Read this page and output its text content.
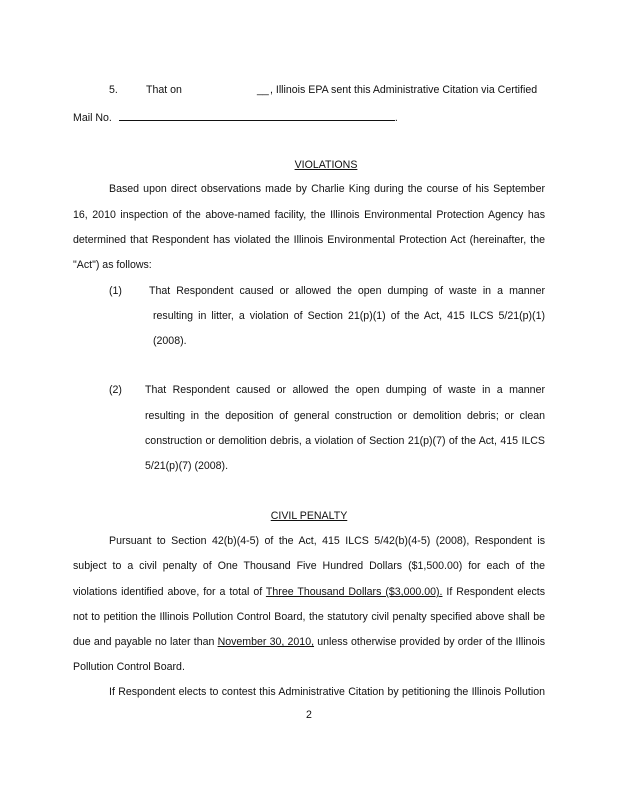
5.	That on	__ , Illinois EPA sent this Administrative Citation via Certified
Mail No.	.
VIOLATIONS
Based upon direct observations made by Charlie King during the course of his September
16, 2010 inspection of the above-named facility, the Illinois Environmental Protection Agency has
determined that Respondent has violated the Illinois Environmental Protection Act (hereinafter, the
"Act") as follows:
(1)	That Respondent caused or allowed the open dumping of waste in a manner
resulting in litter, a violation of Section 21(p)(1) of the Act, 415 ILCS 5/21(p)(1)
(2008).
(2) That Respondent caused or allowed the open dumping of waste in a manner
resulting in the deposition of general construction or demolition debris; or clean
construction or demolition debris, a violation of Section 21(p)(7) of the Act, 415 ILCS
5/21(p)(7) (2008).
CIVIL PENALTY
Pursuant to Section 42(b)(4-5) of the Act, 415 ILCS 5/42(b)(4-5) (2008), Respondent is
subject to a civil penalty of One Thousand Five Hundred Dollars ($1,500.00) for each of the
violations identified above, for a total of Three Thousand Dollars ($3,000.00). If Respondent elects
not to petition the Illinois Pollution Control Board, the statutory civil penalty specified above shall be
due and payable no later than November 30, 2010, unless otherwise provided by order of the Illinois
Pollution Control Board.
If Respondent elects to contest this Administrative Citation by petitioning the Illinois Pollution
2
